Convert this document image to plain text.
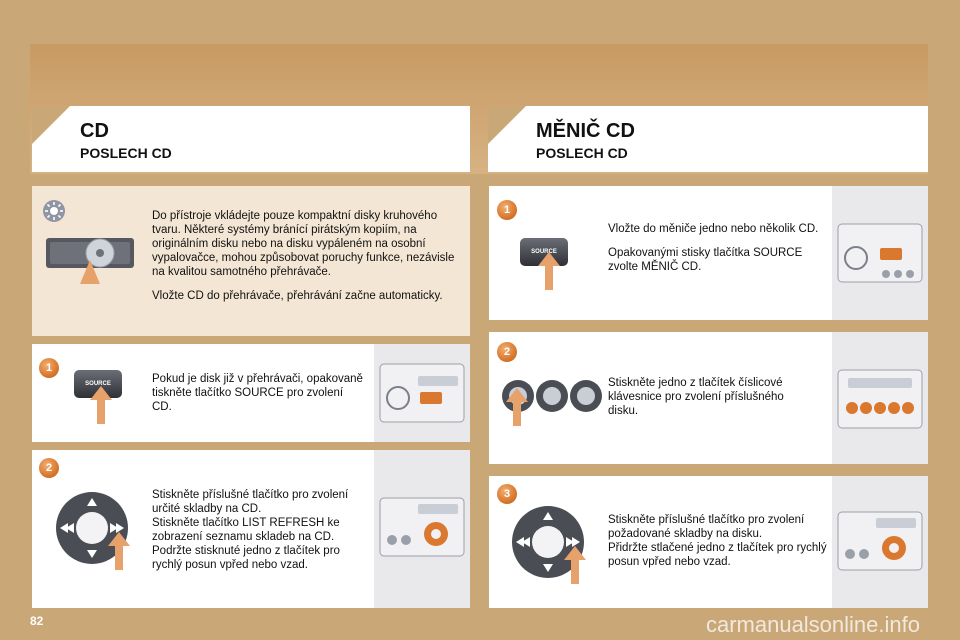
CD
POSLECH CD
MĚNIČ CD
POSLECH CD

Do přístroje vkládejte pouze kompaktní disky kruhového tvaru. Některé systémy bránící pirátským kopiím, na originálním disku nebo na disku vypáleném na osobní vypalovačce, mohou způsobovat poruchy funkce, nezávisle na kvalitou samotného přehrávače.

Vložte CD do přehrávače, přehrávání začne automaticky.

1
SOURCE	Pokud je disk již v přehrávači, opakovaně tiskněte tlačítko SOURCE pro zvolení CD.
2
Stiskněte příslušné tlačítko pro zvolení určité skladby na CD.
Stiskněte tlačítko LIST REFRESH ke zobrazení seznamu skladeb na CD.
Podržte stisknuté jedno z tlačítek pro rychlý posun vpřed nebo vzad.
1
SOURCE

Vložte do měniče jedno nebo několik CD.

Opakovanými stisky tlačítka SOURCE zvolte MĚNIČ CD.

2
Stiskněte jedno z tlačítek číslicové klávesnice pro zvolení příslušného disku.
3
Stiskněte příslušné tlačítko pro zvolení požadované skladby na disku.
Přidržte stlačené jedno z tlačítek pro rychlý posun vpřed nebo vzad.
82	carmanualsonline.info
